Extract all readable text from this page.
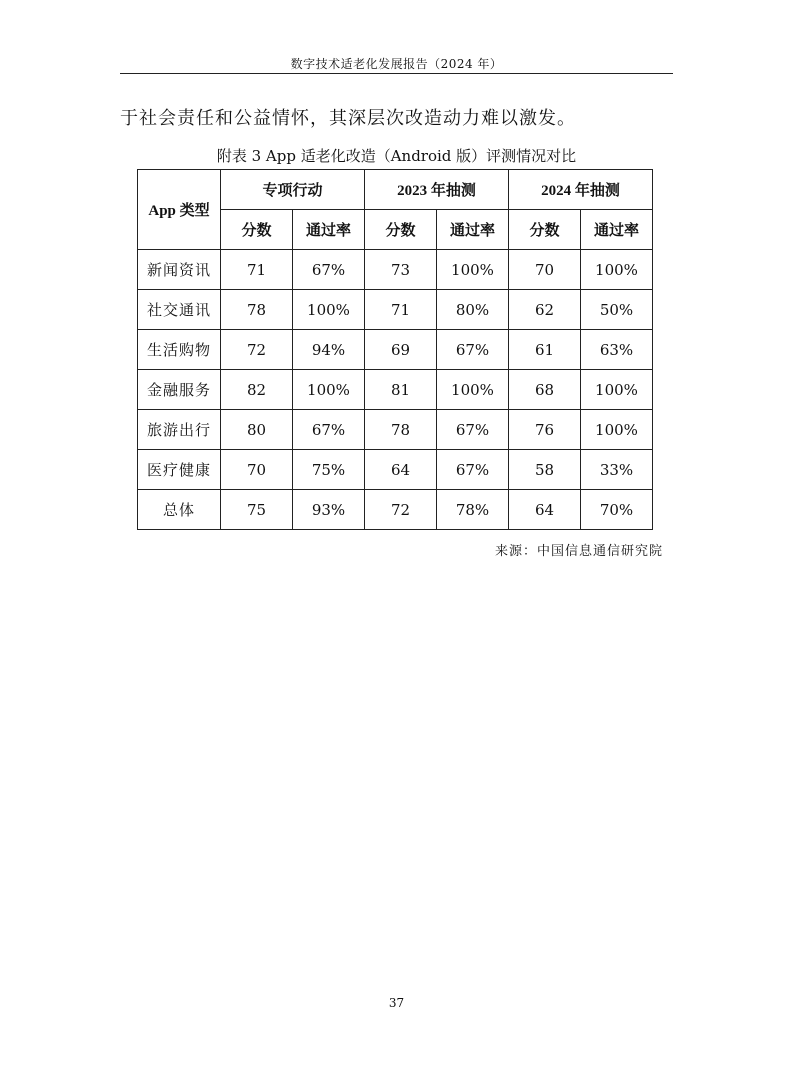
数字技术适老化发展报告（2024 年）
于社会责任和公益情怀，其深层次改造动力难以激发。
附表 3 App 适老化改造（Android 版）评测情况对比
App 类型	专项行动		2023 年抽测		2024 年抽测	
	分数	通过率	分数	通过率	分数	通过率
新闻资讯	71	67%	73	100%	70	100%
社交通讯	78	100%	71	80%	62	50%
生活购物	72	94%	69	67%	61	63%
金融服务	82	100%	81	100%	68	100%
旅游出行	80	67%	78	67%	76	100%
医疗健康	70	75%	64	67%	58	33%
总体	75	93%	72	78%	64	70%
来源：中国信息通信研究院
37
